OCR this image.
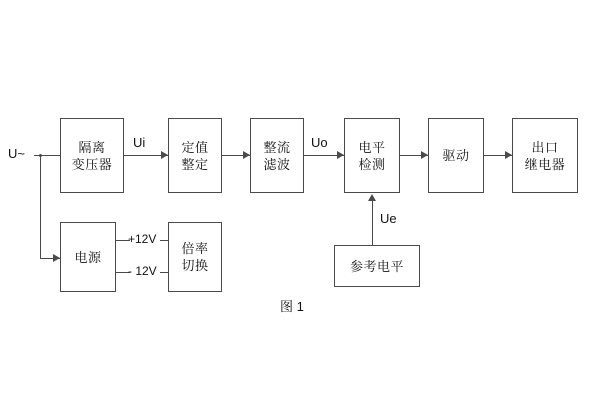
U~	隔离
变压器
Ui	定值
整定
整流
滤波
Uo 电平
检测
驱动
出口
继电器
电源
+12V
- 12V
倍率
切换	参考电平
Ue
图 1
